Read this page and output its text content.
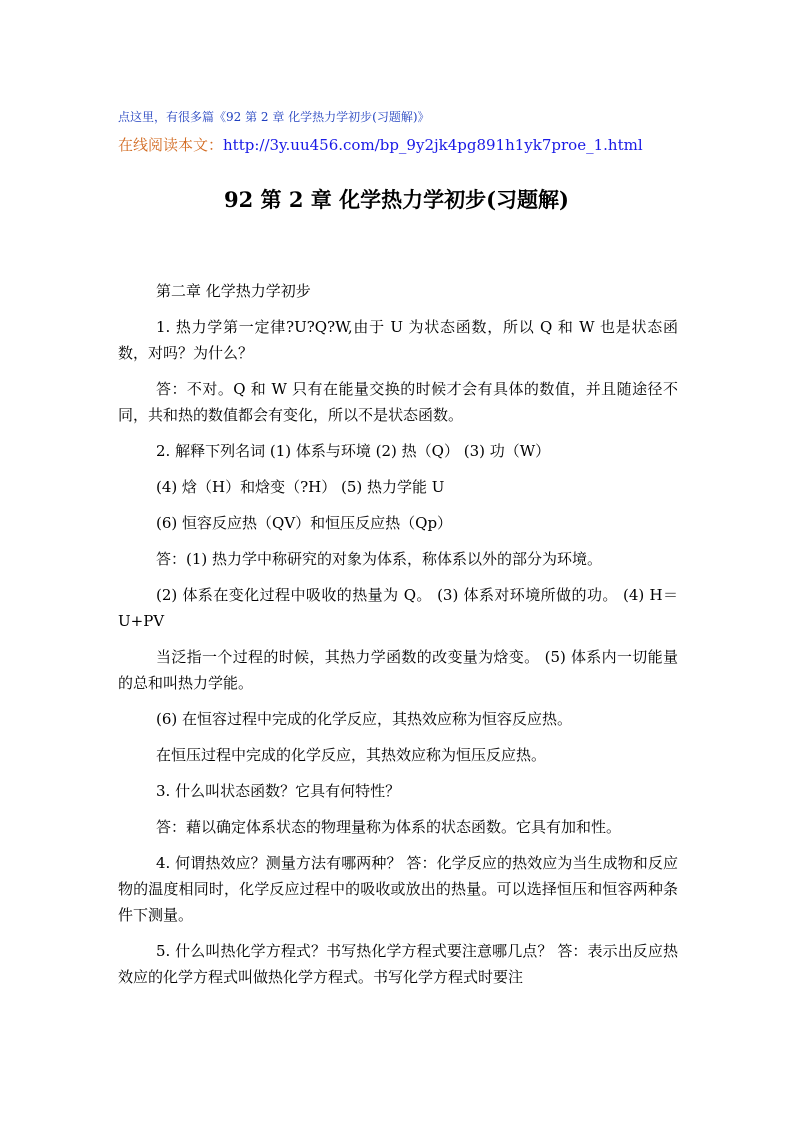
点这里，有很多篇《92 第 2 章 化学热力学初步(习题解)》
在线阅读本文：http://3y.uu456.com/bp_9y2jk4pg891h1yk7proe_1.html
92 第 2 章 化学热力学初步(习题解)

第二章 化学热力学初步

1. 热力学第一定律?U?Q?W,由于 U 为状态函数，所以 Q 和 W 也是状态函数，对吗？为什么？

答：不对。Q 和 W 只有在能量交换的时候才会有具体的数值，并且随途径不同，共和热的数值都会有变化，所以不是状态函数。

2. 解释下列名词 (1) 体系与环境 (2) 热（Q） (3) 功（W）

(4) 焓（H）和焓变（?H） (5) 热力学能 U

(6) 恒容反应热（QV）和恒压反应热（Qp）

答：(1) 热力学中称研究的对象为体系，称体系以外的部分为环境。

(2) 体系在变化过程中吸收的热量为 Q。 (3) 体系对环境所做的功。 (4) H＝U+PV

当泛指一个过程的时候，其热力学函数的改变量为焓变。 (5) 体系内一切能量的总和叫热力学能。

(6) 在恒容过程中完成的化学反应，其热效应称为恒容反应热。

在恒压过程中完成的化学反应，其热效应称为恒压反应热。

3. 什么叫状态函数？它具有何特性？

答：藉以确定体系状态的物理量称为体系的状态函数。它具有加和性。

4. 何谓热效应？测量方法有哪两种？ 答：化学反应的热效应为当生成物和反应物的温度相同时，化学反应过程中的吸收或放出的热量。可以选择恒压和恒容两种条件下测量。

5. 什么叫热化学方程式？书写热化学方程式要注意哪几点？ 答：表示出反应热效应的化学方程式叫做热化学方程式。书写化学方程式时要注
